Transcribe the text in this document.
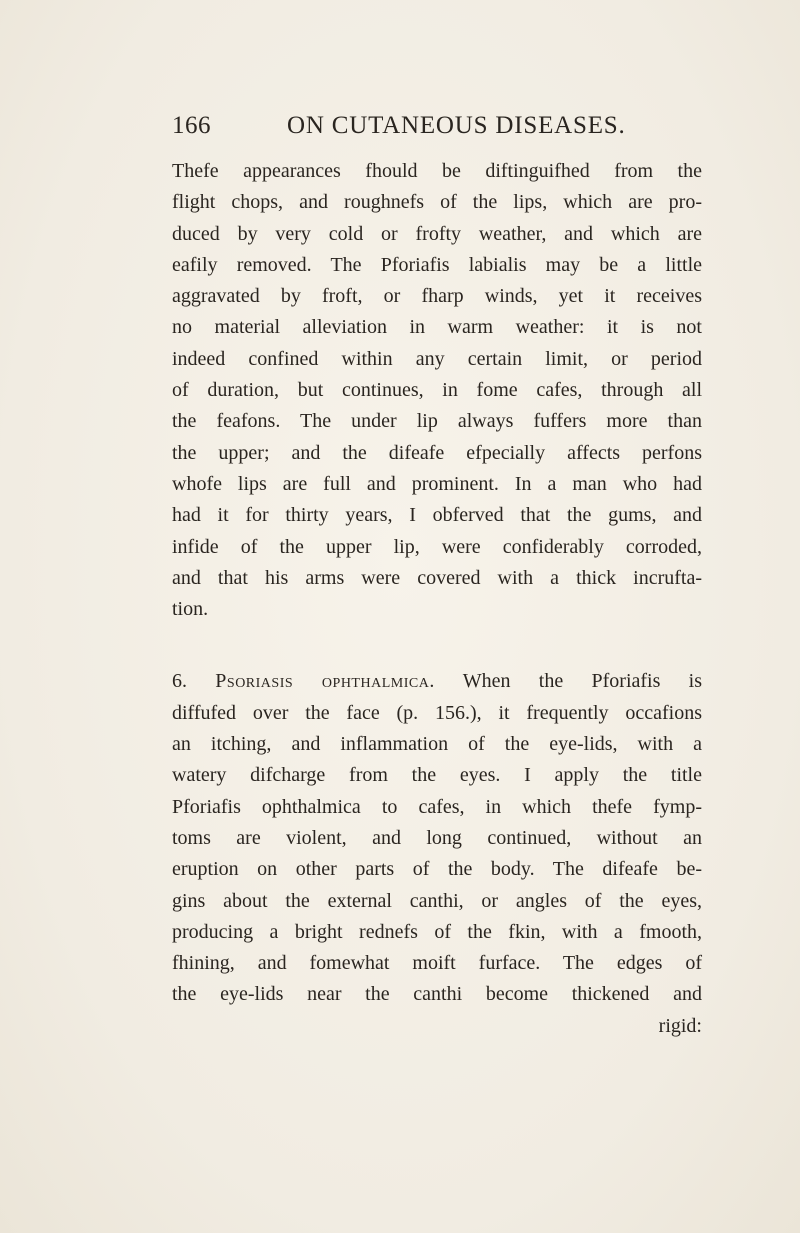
166	ON CUTANEOUS DISEASES.
Thefe appearances fhould be diftinguifhed from the
flight chops, and roughnefs of the lips, which are pro-
duced by very cold or frofty weather, and which are
eafily removed. The Pforiafis labialis may be a little
aggravated by froft, or fharp winds, yet it receives
no material alleviation in warm weather: it is not
indeed confined within any certain limit, or period
of duration, but continues, in fome cafes, through all
the feafons. The under lip always fuffers more than
the upper; and the difeafe efpecially affects perfons
whofe lips are full and prominent. In a man who had
had it for thirty years, I obferved that the gums, and
infide of the upper lip, were confiderably corroded,
and that his arms were covered with a thick incrufta-
tion.
6. Psoriasis ophthalmica. When the Pforiafis is
diffufed over the face (p. 156.), it frequently occafions
an itching, and inflammation of the eye-lids, with a
watery difcharge from the eyes. I apply the title
Pforiafis ophthalmica to cafes, in which thefe fymp-
toms are violent, and long continued, without an
eruption on other parts of the body. The difeafe be-
gins about the external canthi, or angles of the eyes,
producing a bright rednefs of the fkin, with a fmooth,
fhining, and fomewhat moift furface. The edges of
the eye-lids near the canthi become thickened and
rigid:
